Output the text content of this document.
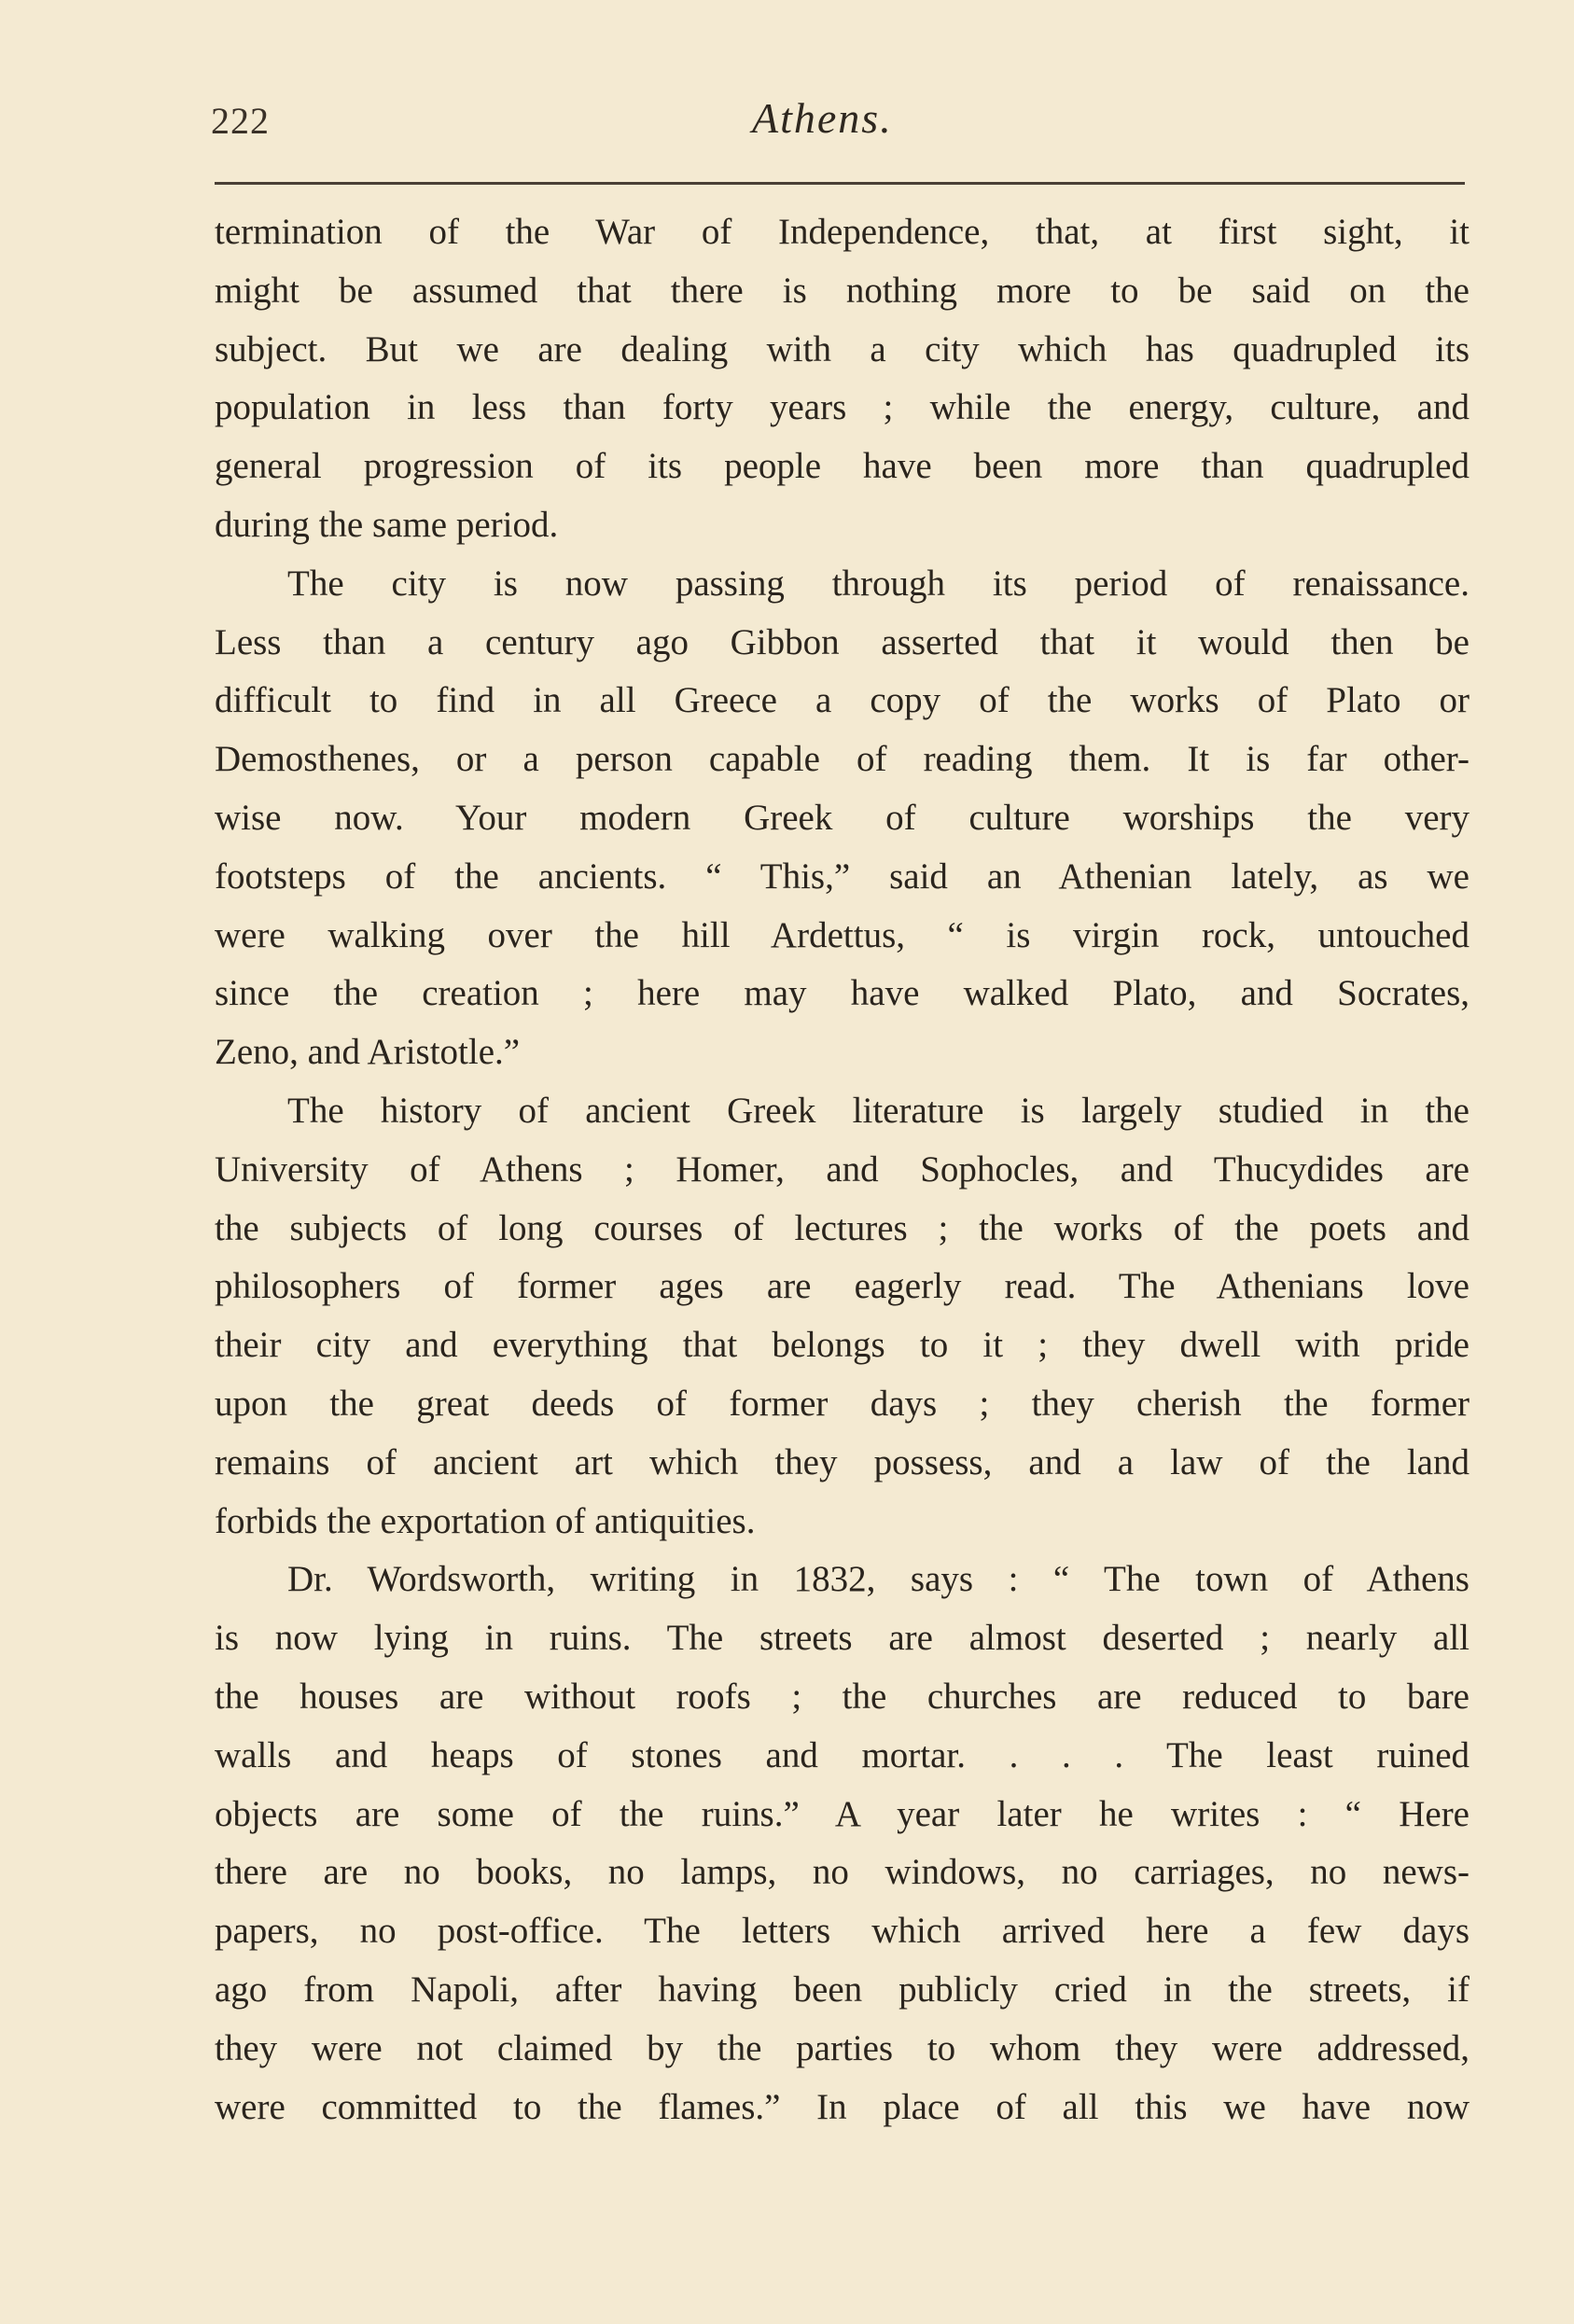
222	Athens.
termination of the War of Independence, that, at first sight, it
might be assumed that there is nothing more to be said on the
subject. But we are dealing with a city which has quadrupled its
population in less than forty years ; while the energy, culture, and
general progression of its people have been more than quadrupled
during the same period.
The city is now passing through its period of renaissance.
Less than a century ago Gibbon asserted that it would then be
difficult to find in all Greece a copy of the works of Plato or
Demosthenes, or a person capable of reading them. It is far other-
wise now. Your modern Greek of culture worships the very
footsteps of the ancients. “ This,” said an Athenian lately, as we
were walking over the hill Ardettus, “ is virgin rock, untouched
since the creation ; here may have walked Plato, and Socrates,
Zeno, and Aristotle.”
The history of ancient Greek literature is largely studied in the
University of Athens ; Homer, and Sophocles, and Thucydides are
the subjects of long courses of lectures ; the works of the poets and
philosophers of former ages are eagerly read. The Athenians love
their city and everything that belongs to it ; they dwell with pride
upon the great deeds of former days ; they cherish the former
remains of ancient art which they possess, and a law of the land
forbids the exportation of antiquities.
Dr. Wordsworth, writing in 1832, says : “ The town of Athens
is now lying in ruins. The streets are almost deserted ; nearly all
the houses are without roofs ; the churches are reduced to bare
walls and heaps of stones and mortar. . . . The least ruined
objects are some of the ruins.” A year later he writes : “ Here
there are no books, no lamps, no windows, no carriages, no news-
papers, no post-office. The letters which arrived here a few days
ago from Napoli, after having been publicly cried in the streets, if
they were not claimed by the parties to whom they were addressed,
were committed to the flames.” In place of all this we have now
